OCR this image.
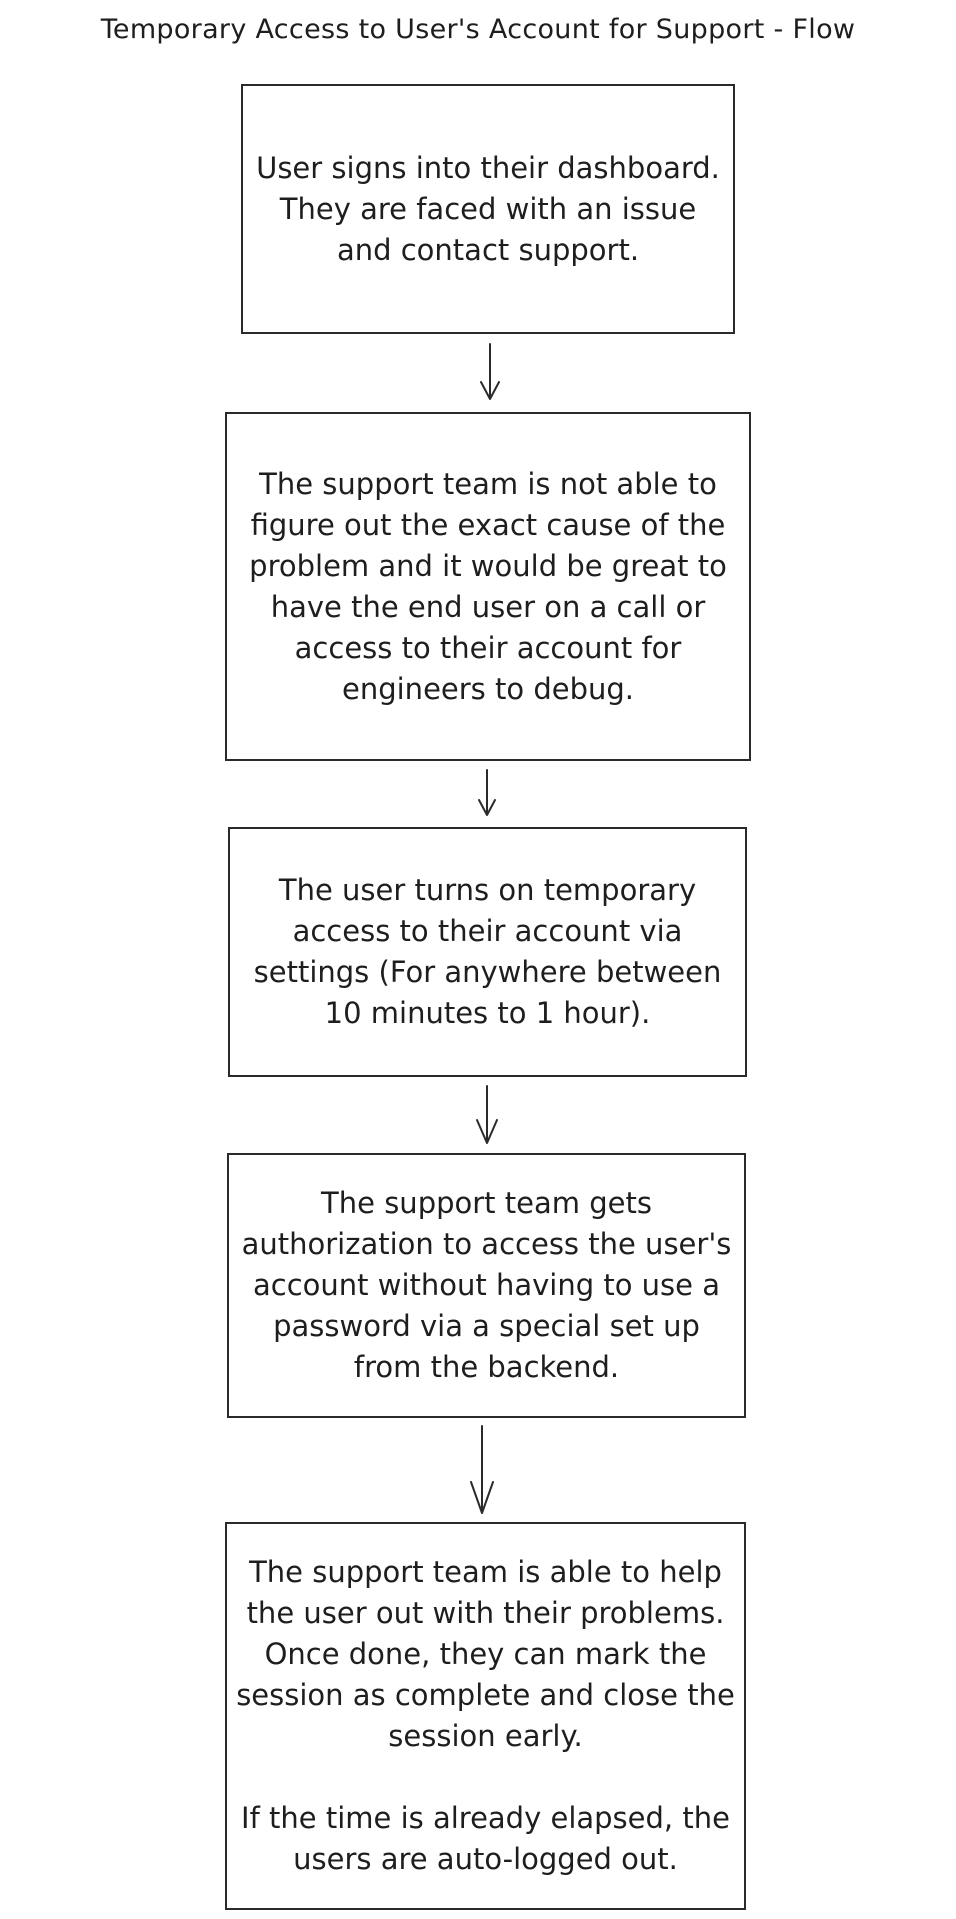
Temporary Access to User's Account for Support - Flow

User signs into their dashboard. They are faced with an issue and contact support.

The support team is not able to figure out the exact cause of the problem and it would be great to have the end user on a call or access to their account for engineers to debug.

The user turns on temporary access to their account via settings (For anywhere between 10 minutes to 1 hour).

The support team gets authorization to access the user's account without having to use a password via a special set up from the backend.

The support team is able to help the user out with their problems. Once done, they can mark the session as complete and close the session early.

If the time is already elapsed, the users are auto-logged out.
